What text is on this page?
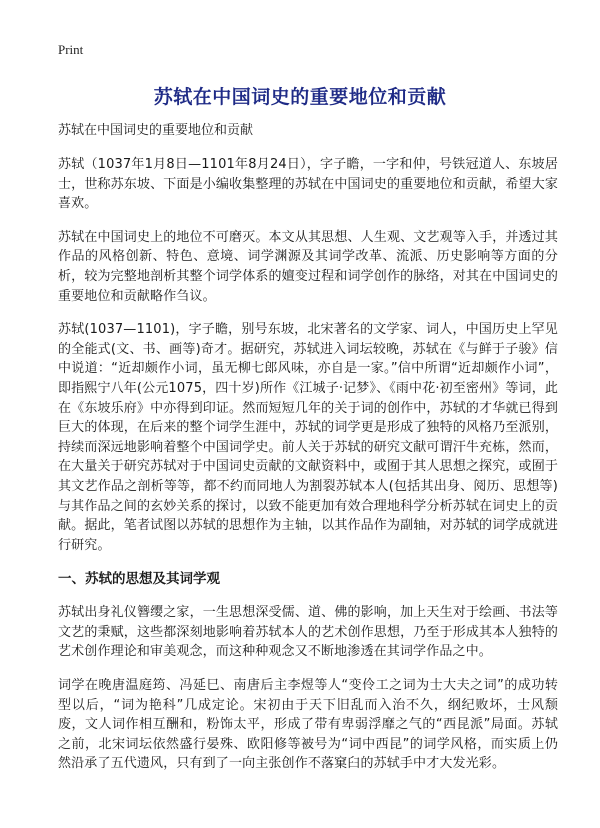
Print
苏轼在中国词史的重要地位和贡献
苏轼在中国词史的重要地位和贡献

苏轼（1037年1月8日—1101年8月24日），字子瞻，一字和仲，号铁冠道人、东坡居士，世称苏东坡、下面是小编收集整理的苏轼在中国词史的重要地位和贡献，希望大家喜欢。

苏轼在中国词史上的地位不可磨灭。本文从其思想、人生观、文艺观等入手，并透过其作品的风格创新、特色、意境、词学渊源及其词学改革、流派、历史影响等方面的分析，较为完整地剖析其整个词学体系的嬗变过程和词学创作的脉络，对其在中国词史的重要地位和贡献略作刍议。

苏轼(1037—1101)，字子瞻，别号东坡，北宋著名的文学家、词人，中国历史上罕见的全能式(文、书、画等)奇才。据研究，苏轼进入词坛较晚，苏轼在《与鲜于子骏》信中说道：“近却颇作小词，虽无柳七郎风味，亦自是一家。”信中所谓“近却颇作小词”，即指熙宁八年(公元1075，四十岁)所作《江城子·记梦》、《雨中花·初至密州》等词，此在《东坡乐府》中亦得到印证。然而短短几年的关于词的创作中，苏轼的才华就已得到巨大的体现，在后来的整个词学生涯中，苏轼的词学更是形成了独特的风格乃至派别，持续而深远地影响着整个中国词学史。前人关于苏轼的研究文献可谓汗牛充栋，然而，在大量关于研究苏轼对于中国词史贡献的文献资料中，或囿于其人思想之探究，或囿于其文艺作品之剖析等等，都不约而同地人为割裂苏轼本人(包括其出身、阅历、思想等)与其作品之间的玄妙关系的探讨，以致不能更加有效合理地科学分析苏轼在词史上的贡献。据此，笔者试图以苏轼的思想作为主轴，以其作品作为副轴，对苏轼的词学成就进行研究。

一、苏轼的思想及其词学观

苏轼出身礼仪簪缨之家，一生思想深受儒、道、佛的影响，加上天生对于绘画、书法等文艺的秉赋，这些都深刻地影响着苏轼本人的艺术创作思想，乃至于形成其本人独特的艺术创作理论和审美观念，而这种种观念又不断地渗透在其词学作品之中。

词学在晚唐温庭筠、冯延巳、南唐后主李煜等人“变伶工之词为士大夫之词”的成功转型以后，“词为艳科”几成定论。宋初由于天下旧乱而入治不久，纲纪败坏，士风颓废，文人词作相互酬和，粉饰太平，形成了带有卑弱浮靡之气的“西昆派”局面。苏轼之前，北宋词坛依然盛行晏殊、欧阳修等被号为“词中西昆”的词学风格，而实质上仍然沿承了五代遗风，只有到了一向主张创作不落窠臼的苏轼手中才大发光彩。
